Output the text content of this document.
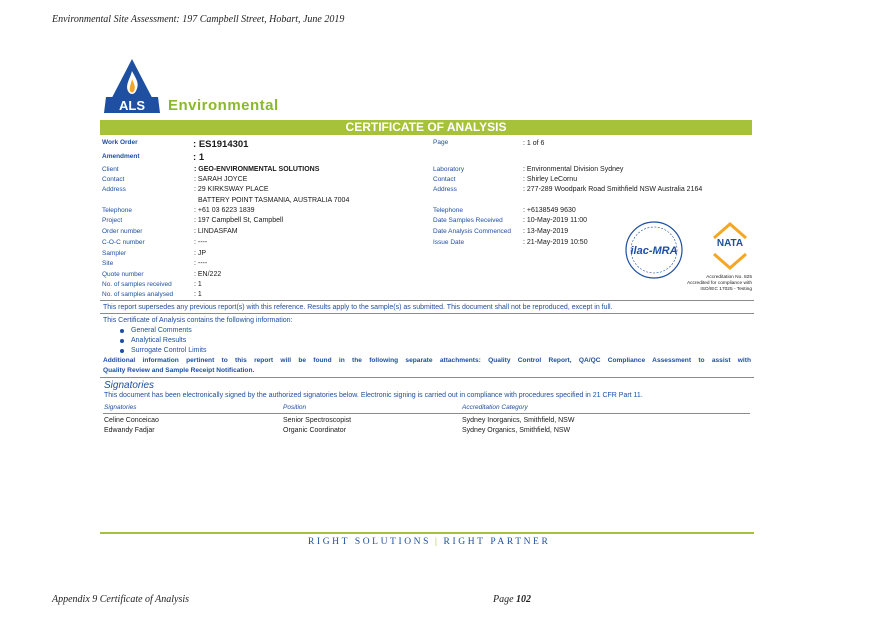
Environmental Site Assessment: 197 Campbell Street, Hobart, June 2019
Appendix 9 Certificate of Analysis	Page 102
ALS Environmental
CERTIFICATE OF ANALYSIS
Work Order	: ES1914301
Amendment	: 1
Client	: GEO-ENVIRONMENTAL SOLUTIONS
Contact	: SARAH JOYCE
Address	: 29 KIRKSWAY PLACE
BATTERY POINT TASMANIA, AUSTRALIA 7004
Telephone	: +61 03 6223 1839
Project	: 197 Campbell St, Campbell
Order number	: LINDASFAM
C-O-C number	: ----
Sampler	: JP
Site	: ----
Quote number	: EN/222
No. of samples received	: 1
No. of samples analysed	: 1
Page	: 1 of 6
Laboratory	: Environmental Division Sydney
Contact	: Shirley LeCornu
Address	: 277-289 Woodpark Road Smithfield NSW Australia 2164
Telephone	: +6138549 9630
Date Samples Received	: 10-May-2019 11:00
Date Analysis Commenced : 13-May-2019
Issue Date	: 21-May-2019 10:50
ilac-MRA
NATA
Accreditation No. 825
Accredited for compliance with
ISO/IEC 17025 - Testing
This report supersedes any previous report(s) with this reference. Results apply to the sample(s) as submitted. This document shall not be reproduced, except in full.
This Certificate of Analysis contains the following information:
General Comments
Analytical Results
Surrogate Control Limits
Additional information pertinent to this report will be found in the following separate attachments: Quality Control Report, QA/QC Compliance Assessment to assist with
Quality Review and Sample Receipt Notification.
Signatories
This document has been electronically signed by the authorized signatories below. Electronic signing is carried out in compliance with procedures specified in 21 CFR Part 11.
Signatories	Position	Accreditation Category
Celine Conceicao	Senior Spectroscopist	Sydney Inorganics, Smithfield, NSW
Edwandy Fadjar	Organic Coordinator	Sydney Organics, Smithfield, NSW
RIGHT SOLUTIONS | RIGHT PARTNER
